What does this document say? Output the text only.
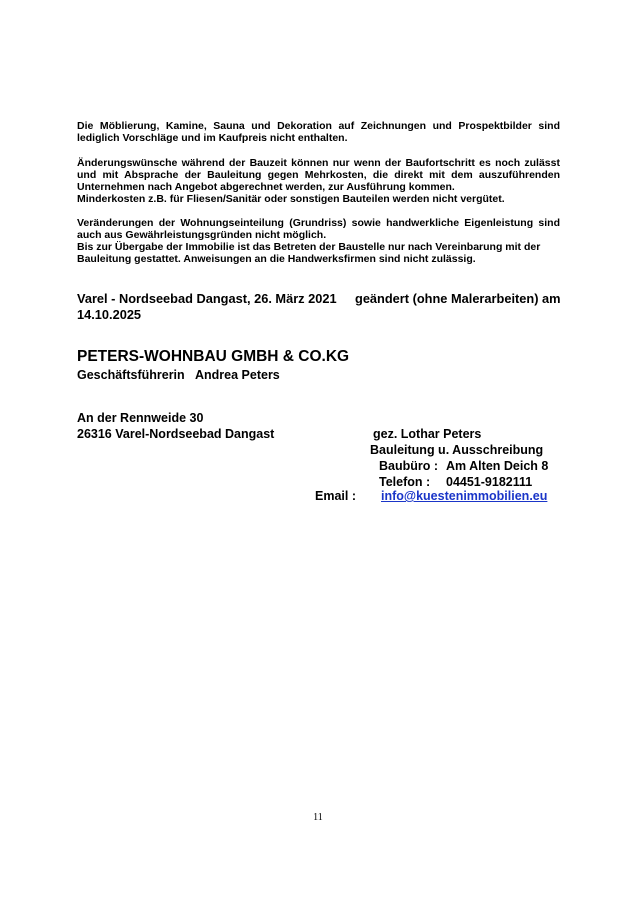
Die Möblierung, Kamine, Sauna und Dekoration auf Zeichnungen und Prospektbilder sind
lediglich Vorschläge und im Kaufpreis nicht enthalten.
Änderungswünsche während der Bauzeit können nur wenn der Baufortschritt es noch zulässt
und mit Absprache der Bauleitung gegen Mehrkosten, die direkt mit dem auszuführenden
Unternehmen nach Angebot abgerechnet werden, zur Ausführung kommen.
Minderkosten z.B. für Fliesen/Sanitär oder sonstigen Bauteilen werden nicht vergütet.
Veränderungen der Wohnungseinteilung (Grundriss) sowie handwerkliche Eigenleistung sind
auch aus Gewährleistungsgründen nicht möglich.
Bis zur Übergabe der Immobilie ist das Betreten der Baustelle nur nach Vereinbarung mit der
Bauleitung gestattet. Anweisungen an die Handwerksfirmen sind nicht zulässig.
Varel - Nordseebad Dangast, 26. März 2021 geändert (ohne Malerarbeiten) am
14.10.2025
PETERS-WOHNBAU GMBH & CO.KG
Geschäftsführerin Andrea Peters
An der Rennweide 30
26316 Varel-Nordseebad Dangast	gez. Lothar Peters
Bauleitung u. Ausschreibung
Baubüro : Am Alten Deich 8
Telefon : 04451-9182111
Email : info@kuestenimmobilien.eu
11
